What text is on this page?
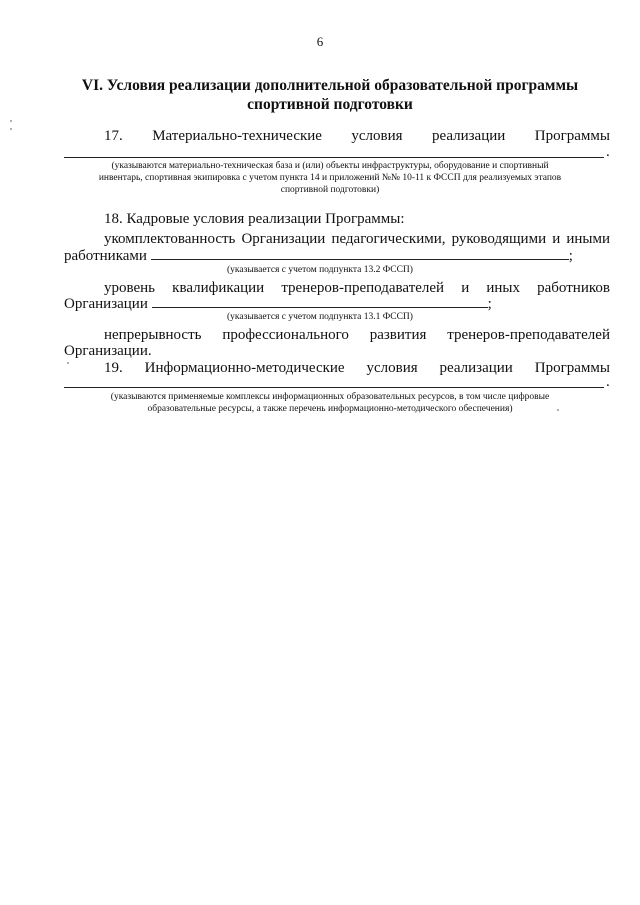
6
VI. Условия реализации дополнительной образовательной программы
спортивной подготовки
17. Материально-технические условия реализации Программы
.
(указываются материально-техническая база и (или) объекты инфраструктуры, оборудование и спортивный
инвентарь, спортивная экипировка с учетом пункта 14 и приложений №№ 10-11 к ФССП для реализуемых этапов
спортивной подготовки)
18. Кадровые условия реализации Программы:
укомплектованность Организации педагогическими, руководящими и иными
работниками	;
(указывается с учетом подпункта 13.2 ФССП)
уровень квалификации тренеров-преподавателей и иных работников
Организации	;
(указывается с учетом подпункта 13.1 ФССП)
непрерывность профессионального развития тренеров-преподавателей
Организации.
19. Информационно-методические условия реализации Программы
.
(указываются применяемые комплексы информационных образовательных ресурсов, в том числе цифровые
образовательные ресурсы, а также перечень информационно-методического обеспечения)
